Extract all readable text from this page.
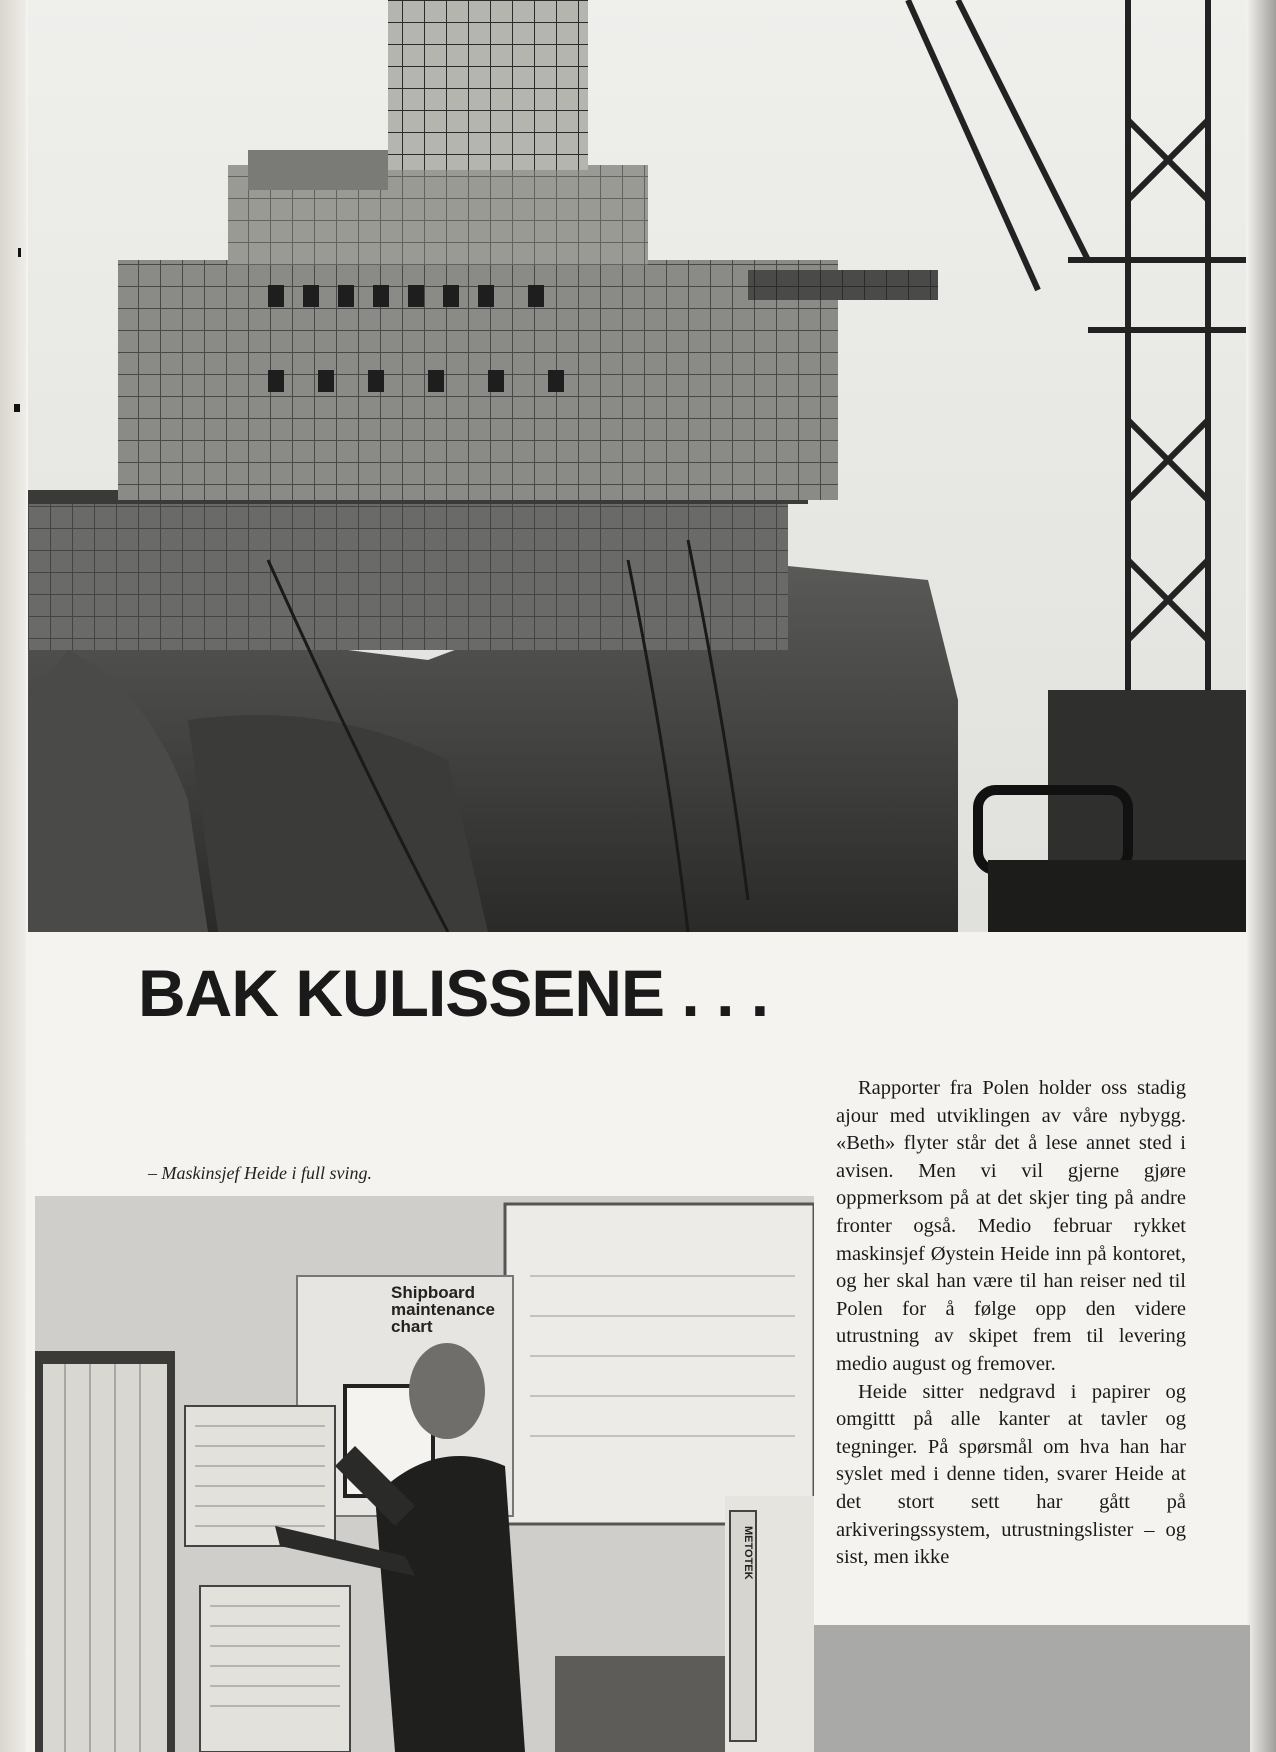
BAK KULISSENE . . .
– Maskinsjef Heide i full sving.

Rapporter fra Polen holder oss stadig ajour med utviklingen av våre nybygg. «Beth» flyter står det å lese annet sted i avisen. Men vi vil gjerne gjøre oppmerksom på at det skjer ting på andre fronter også. Medio februar rykket maskinsjef Øystein Heide inn på kontoret, og her skal han være til han reiser ned til Polen for å følge opp den videre utrustning av skipet frem til levering medio august og fremover.

Heide sitter nedgravd i papirer og omgittt på alle kanter at tavler og tegninger. På spørsmål om hva han har syslet med i denne tiden, svarer Heide at det stort sett har gått på arkiveringssystem, utrustningslister – og sist, men ikke

Shipboard
maintenance
chart
METOTEK
